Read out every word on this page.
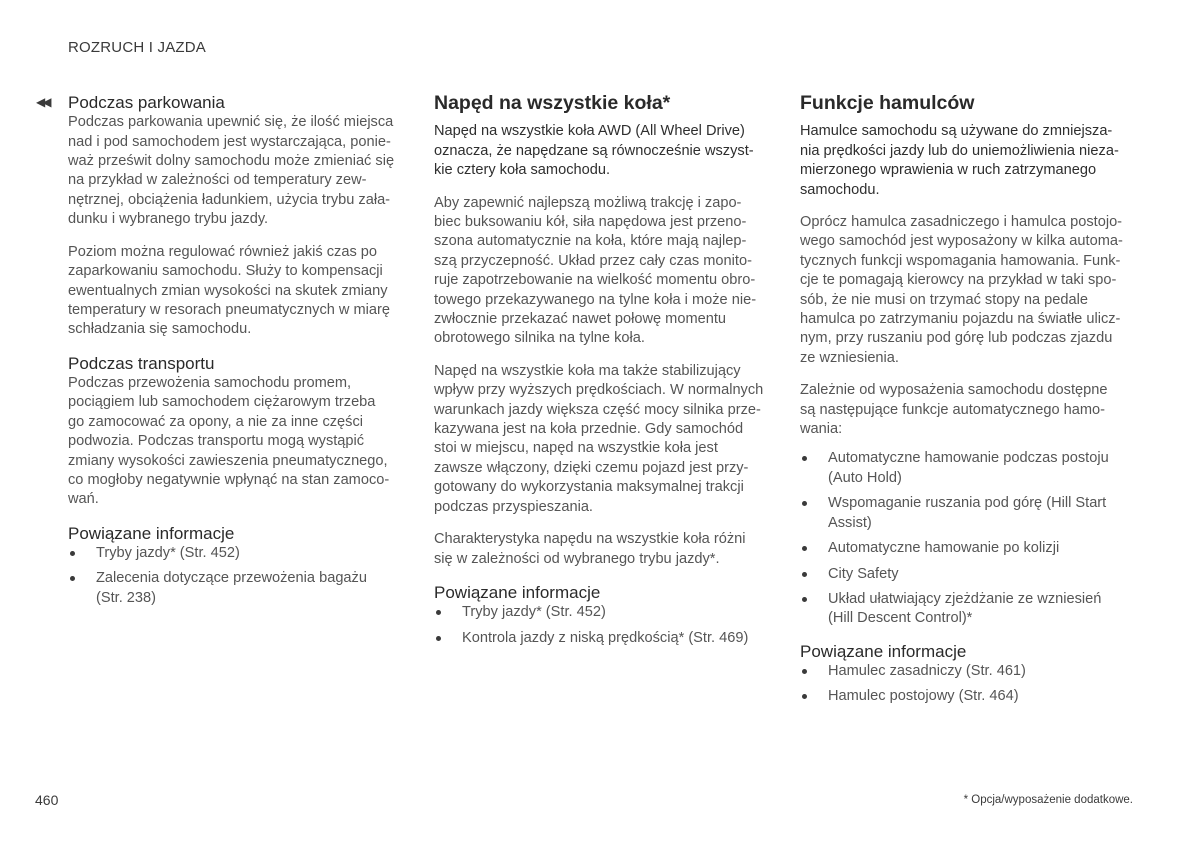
ROZRUCH I JAZDA
◀◀ Podczas parkowania

Podczas parkowania upewnić się, że ilość miejsca
nad i pod samochodem jest wystarczająca, ponie-
waż prześwit dolny samochodu może zmieniać się
na przykład w zależności od temperatury zew-
nętrznej, obciążenia ładunkiem, użycia trybu zała-
dunku i wybranego trybu jazdy.

Poziom można regulować również jakiś czas po
zaparkowaniu samochodu. Służy to kompensacji
ewentualnych zmian wysokości na skutek zmiany
temperatury w resorach pneumatycznych w miarę
schładzania się samochodu.

Podczas transportu

Podczas przewożenia samochodu promem,
pociągiem lub samochodem ciężarowym trzeba
go zamocować za opony, a nie za inne części
podwozia. Podczas transportu mogą wystąpić
zmiany wysokości zawieszenia pneumatycznego,
co mogłoby negatywnie wpłynąć na stan zamoco-
wań.

Powiązane informacje
Tryby jazdy* (Str. 452)
Zalecenia dotyczące przewożenia bagażu
(Str. 238)
Napęd na wszystkie koła*

Napęd na wszystkie koła AWD (All Wheel Drive)
oznacza, że napędzane są równocześnie wszyst-
kie cztery koła samochodu.

Aby zapewnić najlepszą możliwą trakcję i zapo-
biec buksowaniu kół, siła napędowa jest przeno-
szona automatycznie na koła, które mają najlep-
szą przyczepność. Układ przez cały czas monito-
ruje zapotrzebowanie na wielkość momentu obro-
towego przekazywanego na tylne koła i może nie-
zwłocznie przekazać nawet połowę momentu
obrotowego silnika na tylne koła.

Napęd na wszystkie koła ma także stabilizujący
wpływ przy wyższych prędkościach. W normalnych
warunkach jazdy większa część mocy silnika prze-
kazywana jest na koła przednie. Gdy samochód
stoi w miejscu, napęd na wszystkie koła jest
zawsze włączony, dzięki czemu pojazd jest przy-
gotowany do wykorzystania maksymalnej trakcji
podczas przyspieszania.

Charakterystyka napędu na wszystkie koła różni
się w zależności od wybranego trybu jazdy*.

Powiązane informacje
Tryby jazdy* (Str. 452)
Kontrola jazdy z niską prędkością* (Str. 469)
Funkcje hamulców

Hamulce samochodu są używane do zmniejsza-
nia prędkości jazdy lub do uniemożliwienia nieza-
mierzonego wprawienia w ruch zatrzymanego
samochodu.

Oprócz hamulca zasadniczego i hamulca postojo-
wego samochód jest wyposażony w kilka automa-
tycznych funkcji wspomagania hamowania. Funk-
cje te pomagają kierowcy na przykład w taki spo-
sób, że nie musi on trzymać stopy na pedale
hamulca po zatrzymaniu pojazdu na światłe ulicz-
nym, przy ruszaniu pod górę lub podczas zjazdu
ze wzniesienia.

Zależnie od wyposażenia samochodu dostępne
są następujące funkcje automatycznego hamo-
wania:

Automatyczne hamowanie podczas postoju
(Auto Hold)
Wspomaganie ruszania pod górę (Hill Start
Assist)
Automatyczne hamowanie po kolizji
City Safety
Układ ułatwiający zjeżdżanie ze wzniesień
(Hill Descent Control)*
Powiązane informacje
Hamulec zasadniczy (Str. 461)
Hamulec postojowy (Str. 464)
460	* Opcja/wyposażenie dodatkowe.
